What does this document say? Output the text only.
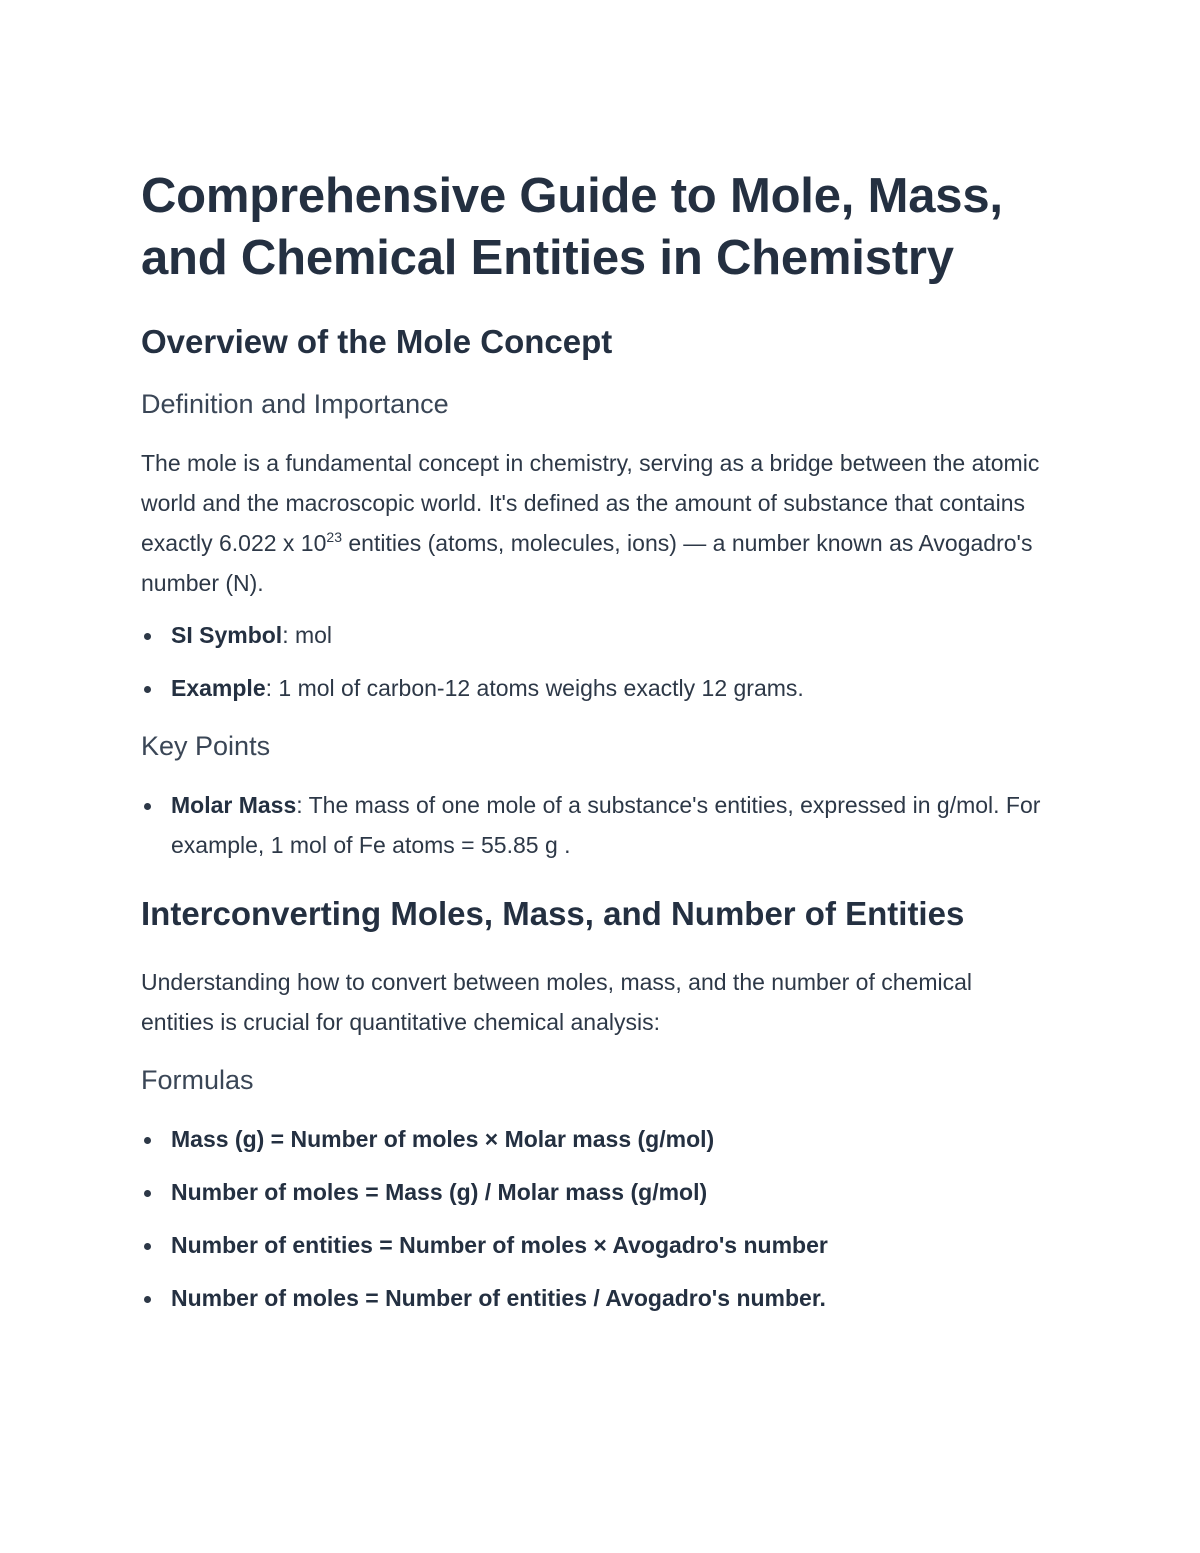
Comprehensive Guide to Mole, Mass, and Chemical Entities in Chemistry
Overview of the Mole Concept
Definition and Importance

The mole is a fundamental concept in chemistry, serving as a bridge between the atomic world and the macroscopic world. It's defined as the amount of substance that contains exactly 6.022 x $10^{23}$ entities (atoms, molecules, ions) — a number known as Avogadro's number (N).

SI Symbol: mol
Example: 1 mol of carbon-12 atoms weighs exactly 12 grams.
Key Points
Molar Mass: The mass of one mole of a substance's entities, expressed in g/mol. For example, 1 mol of Fe atoms = 55.85 g .
Interconverting Moles, Mass, and Number of Entities

Understanding how to convert between moles, mass, and the number of chemical entities is crucial for quantitative chemical analysis:

Formulas
Mass (g) = Number of moles × Molar mass (g/mol)
Number of moles = Mass (g) / Molar mass (g/mol)
Number of entities = Number of moles × Avogadro's number
Number of moles = Number of entities / Avogadro's number.
